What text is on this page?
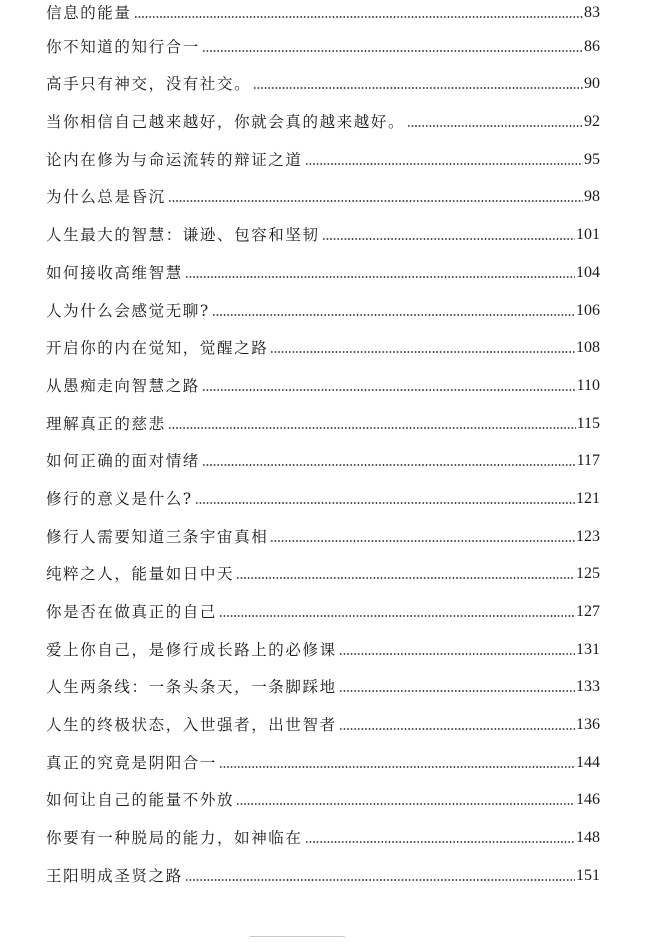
信息的能量	83
你不知道的知行合一	86
高手只有神交，没有社交。	90
当你相信自己越来越好，你就会真的越来越好。	92
论内在修为与命运流转的辩证之道	95
为什么总是昏沉	98
人生最大的智慧：谦逊、包容和坚韧	101
如何接收高维智慧	104
人为什么会感觉无聊?	106
开启你的内在觉知，觉醒之路	108
从愚痴走向智慧之路	110
理解真正的慈悲	115
如何正确的面对情绪	117
修行的意义是什么?	121
修行人需要知道三条宇宙真相	123
纯粹之人，能量如日中天	125
你是否在做真正的自己	127
爱上你自己，是修行成长路上的必修课	131
人生两条线：一条头条天，一条脚踩地	133
人生的终极状态，入世强者，出世智者	136
真正的究竟是阴阳合一	144
如何让自己的能量不外放	146
你要有一种脱局的能力，如神临在	148
王阳明成圣贤之路	151
